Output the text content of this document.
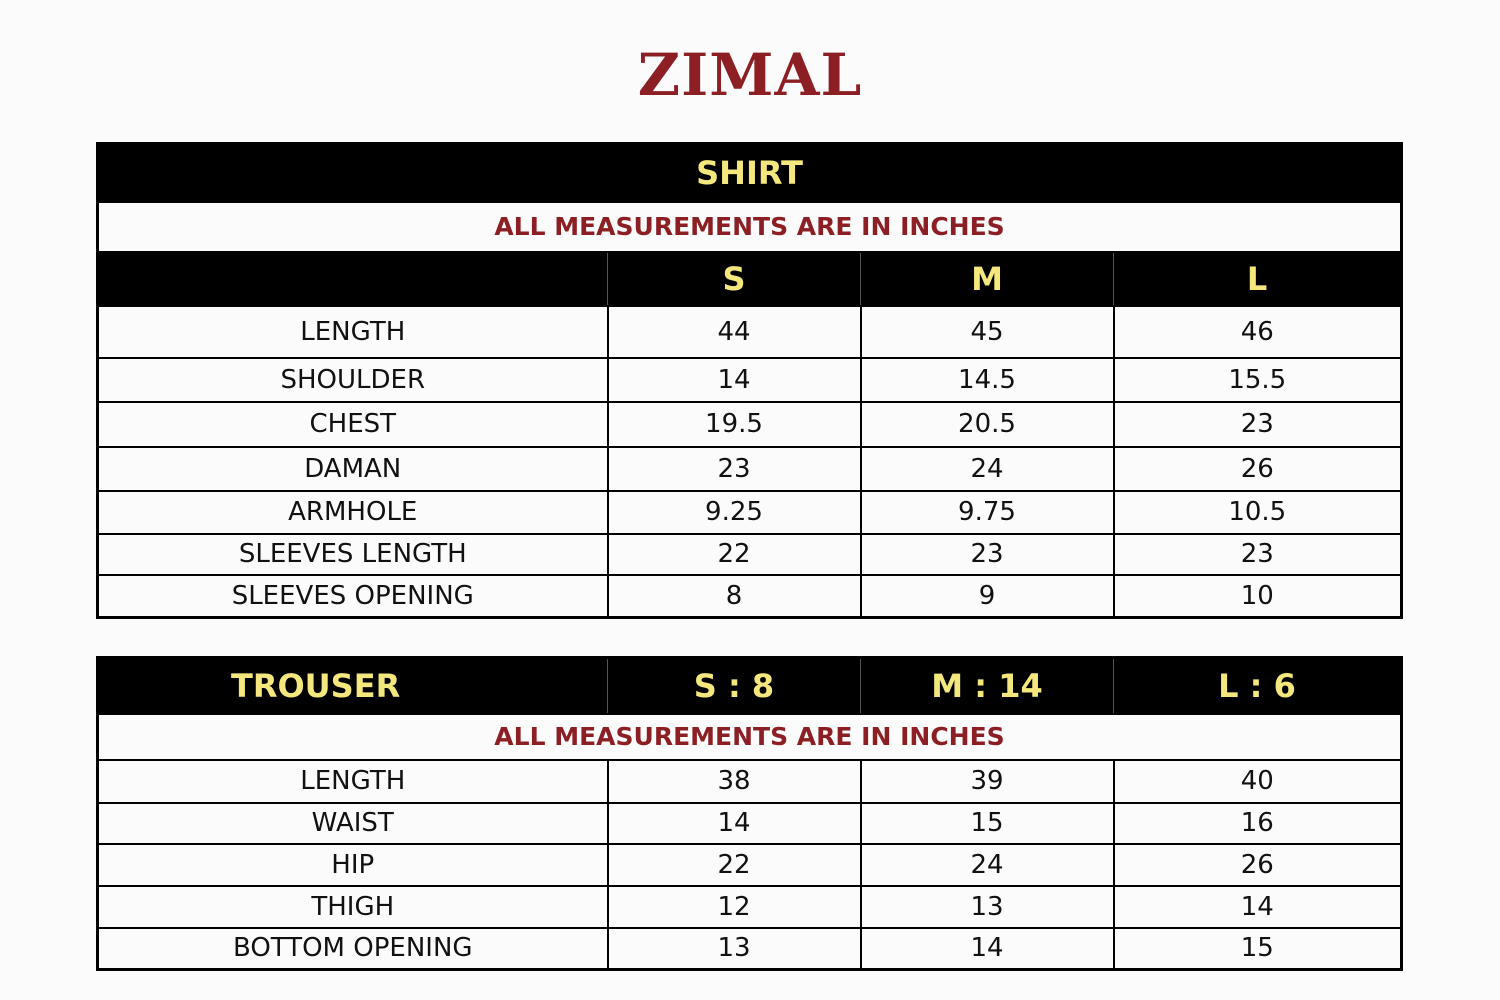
ZIMAL
SHIRT			
ALL MEASUREMENTS ARE IN INCHES			
	S	M	L
LENGTH	44	45	46
SHOULDER	14	14.5	15.5
CHEST	19.5	20.5	23
DAMAN	23	24	26
ARMHOLE	9.25	9.75	10.5
SLEEVES LENGTH	22	23	23
SLEEVES OPENING	8	9	10
TROUSER	S : 8	M : 14	L : 6
ALL MEASUREMENTS ARE IN INCHES			
LENGTH	38	39	40
WAIST	14	15	16
HIP	22	24	26
THIGH	12	13	14
BOTTOM OPENING	13	14	15
